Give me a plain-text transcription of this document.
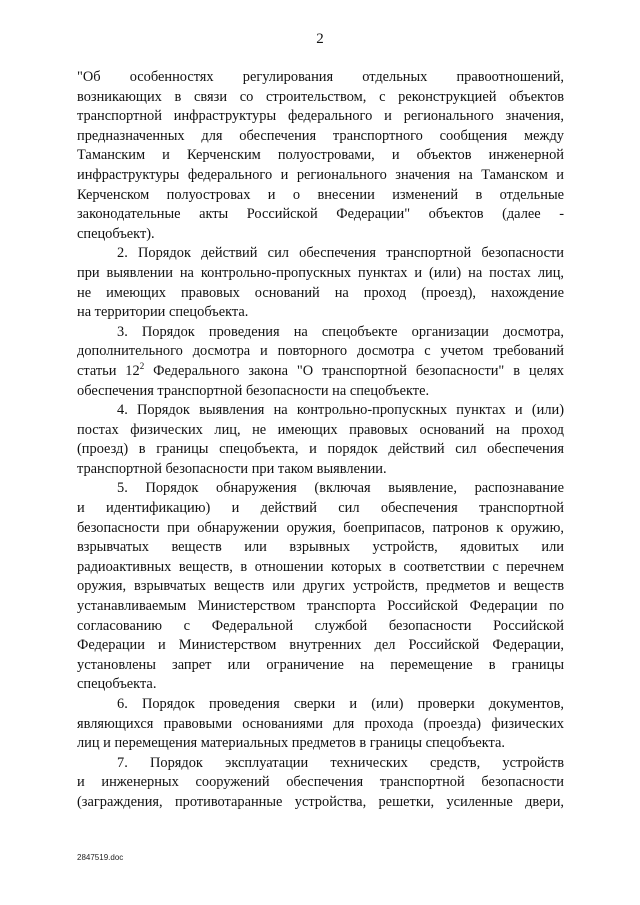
2
"Об особенностях регулирования отдельных правоотношений,
возникающих в связи со строительством, с реконструкцией объектов
транспортной инфраструктуры федерального и регионального значения,
предназначенных для обеспечения транспортного сообщения между
Таманским и Керченским полуостровами, и объектов инженерной
инфраструктуры федерального и регионального значения на Таманском и
Керченском полуостровах и о внесении изменений в отдельные
законодательные акты Российской Федерации" объектов (далее -
спецобъект).
2. Порядок действий сил обеспечения транспортной безопасности
при выявлении на контрольно-пропускных пунктах и (или) на постах лиц,
не имеющих правовых оснований на проход (проезд), нахождение
на территории спецобъекта.
3. Порядок проведения на спецобъекте организации досмотра,
дополнительного досмотра и повторного досмотра с учетом требований
статьи $12^2$ Федерального закона "О транспортной безопасности" в целях
обеспечения транспортной безопасности на спецобъекте.
4. Порядок выявления на контрольно-пропускных пунктах и (или)
постах физических лиц, не имеющих правовых оснований на проход
(проезд) в границы спецобъекта, и порядок действий сил обеспечения
транспортной безопасности при таком выявлении.
5. Порядок обнаружения (включая выявление, распознавание
и идентификацию) и действий сил обеспечения транспортной
безопасности при обнаружении оружия, боеприпасов, патронов к оружию,
взрывчатых веществ или взрывных устройств, ядовитых или
радиоактивных веществ, в отношении которых в соответствии с перечнем
оружия, взрывчатых веществ или других устройств, предметов и веществ
устанавливаемым Министерством транспорта Российской Федерации по
согласованию с Федеральной службой безопасности Российской
Федерации и Министерством внутренних дел Российской Федерации,
установлены запрет или ограничение на перемещение в границы
спецобъекта.
6. Порядок проведения сверки и (или) проверки документов,
являющихся правовыми основаниями для прохода (проезда) физических
лиц и перемещения материальных предметов в границы спецобъекта.
7. Порядок эксплуатации технических средств, устройств
и инженерных сооружений обеспечения транспортной безопасности
(заграждения, противотаранные устройства, решетки, усиленные двери,
2847519.doc
